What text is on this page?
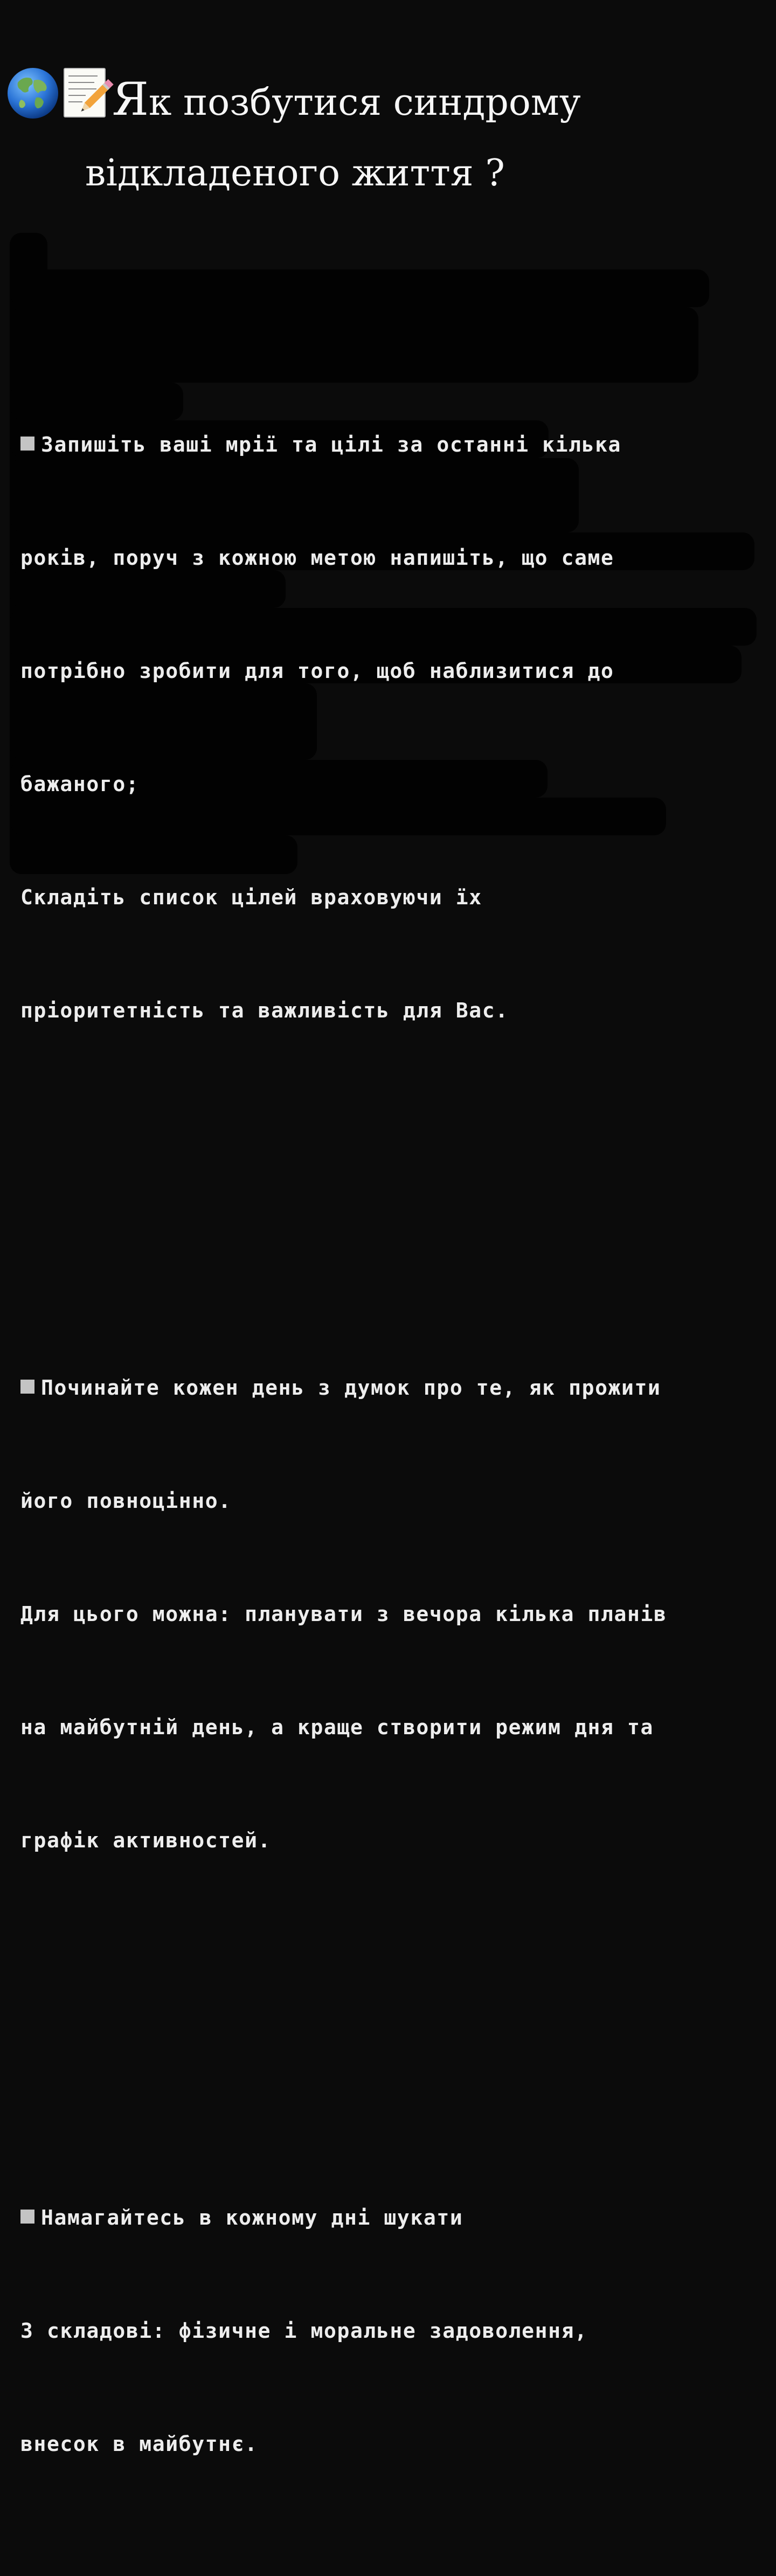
Як позбутися синдрому
відкладеного життя ?

Запишіть ваші мрії та цілі за останні кілька

років, поруч з кожною метою напишіть, що саме

потрібно зробити для того, щоб наблизитися до

бажаного;

Складіть список цілей враховуючи їх

пріоритетність та важливість для Вас.

Починайте кожен день з думок про те, як прожити

його повноцінно.

Для цього можна: планувати з вечора кілька планів

на майбутній день, а краще створити режим дня та

графік активностей.

Намагайтесь в кожному дні шукати

3 складові: фізичне і моральне задоволення,

внесок в майбутнє.
